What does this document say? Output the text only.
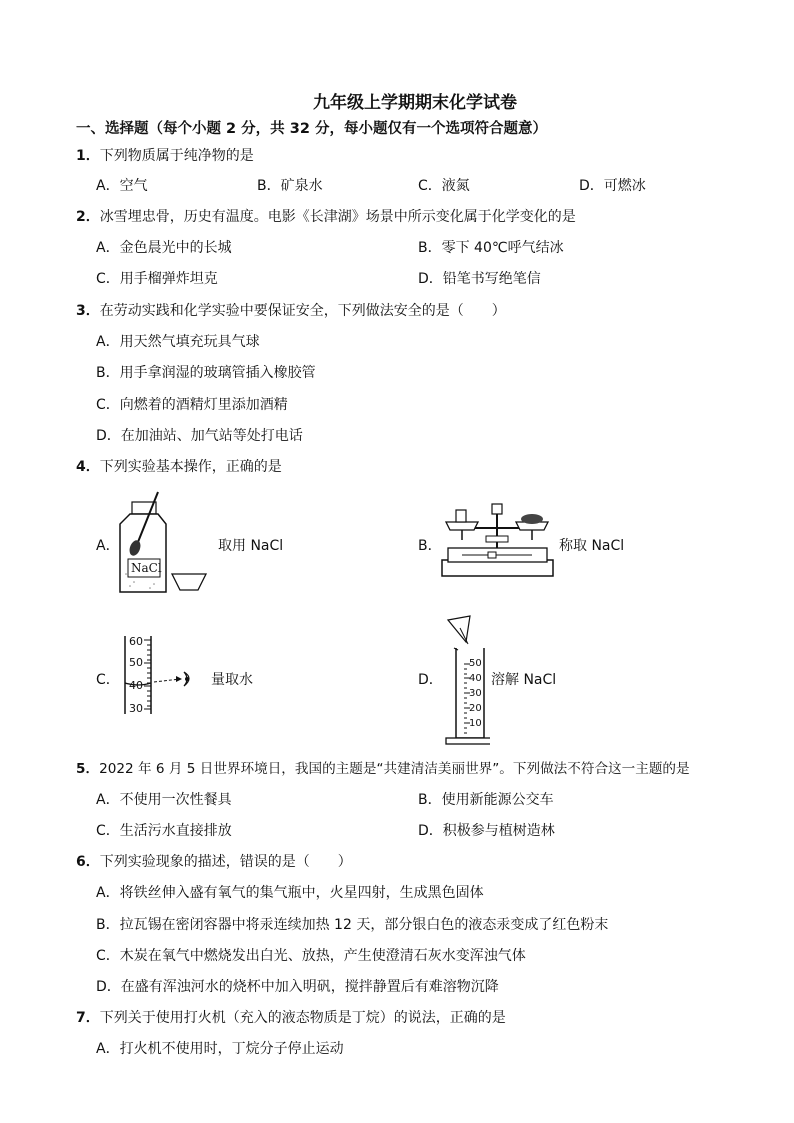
九年级上学期期末化学试卷
一、选择题（每个小题 2 分，共 32 分，每小题仅有一个选项符合题意）
1．下列物质属于纯净物的是
A．空气	B．矿泉水	C．液氮	D．可燃冰
2．冰雪埋忠骨，历史有温度。电影《长津湖》场景中所示变化属于化学变化的是
A．金色晨光中的长城	B．零下 40℃呼气结冰
C．用手榴弹炸坦克	D．铅笔书写绝笔信
3．在劳动实践和化学实验中要保证安全，下列做法安全的是（　　）
A．用天然气填充玩具气球
B．用手拿润湿的玻璃管插入橡胶管
C．向燃着的酒精灯里添加酒精
D．在加油站、加气站等处打电话
4．下列实验基本操作，正确的是
A．
NaCl
取用 NaCl	B．	称取 NaCl
C．
60
50
40
30
量取水	D．
50
40
30
20
10
溶解 NaCl
5．2022 年 6 月 5 日世界环境日，我国的主题是“共建清洁美丽世界”。下列做法不符合这一主题的是
A．不使用一次性餐具	B．使用新能源公交车
C．生活污水直接排放	D．积极参与植树造林
6．下列实验现象的描述，错误的是（　　）
A．将铁丝伸入盛有氧气的集气瓶中，火星四射，生成黑色固体
B．拉瓦锡在密闭容器中将汞连续加热 12 天，部分银白色的液态汞变成了红色粉末
C．木炭在氧气中燃烧发出白光、放热，产生使澄清石灰水变浑浊气体
D．在盛有浑浊河水的烧杯中加入明矾，搅拌静置后有难溶物沉降
7．下列关于使用打火机（充入的液态物质是丁烷）的说法，正确的是
A．打火机不使用时，丁烷分子停止运动
